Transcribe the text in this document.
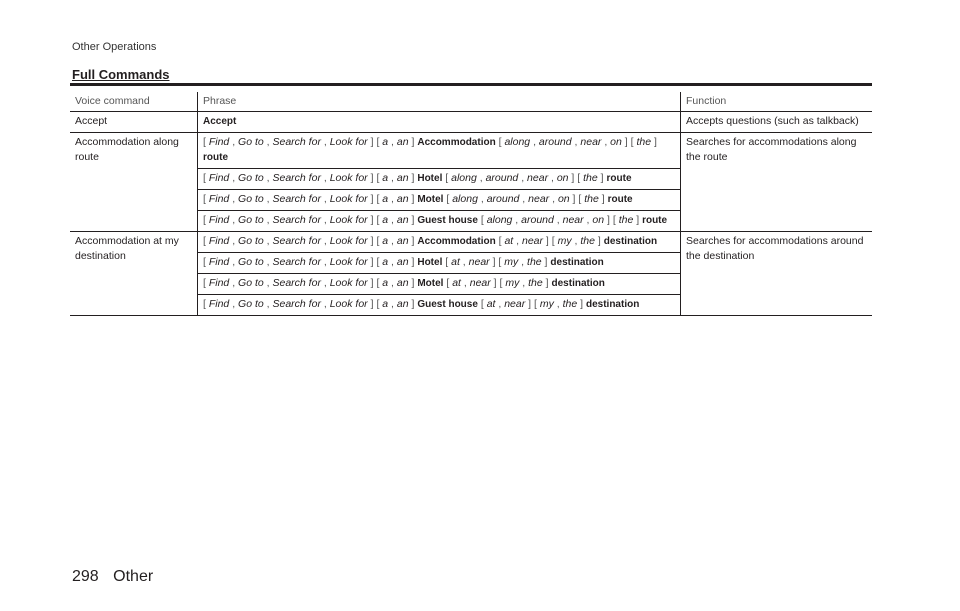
Other Operations
Full Commands
Voice command	Phrase	Function
Accept	Accept	Accepts questions (such as talkback)
Accommodation along route	[ Find , Go to , Search for , Look for ] [ a , an ] Accommodation [ along , around , near , on ] [ the ] route	Searches for accommodations along the route
	[ Find , Go to , Search for , Look for ] [ a , an ] Hotel [ along , around , near , on ] [ the ] route	
	[ Find , Go to , Search for , Look for ] [ a , an ] Motel [ along , around , near , on ] [ the ] route	
	[ Find , Go to , Search for , Look for ] [ a , an ] Guest house [ along , around , near , on ] [ the ] route	
Accommodation at my destination	[ Find , Go to , Search for , Look for ] [ a , an ] Accommodation [ at , near ] [ my , the ] destination	Searches for accommodations around the destination
	[ Find , Go to , Search for , Look for ] [ a , an ] Hotel [ at , near ] [ my , the ] destination	
	[ Find , Go to , Search for , Look for ] [ a , an ] Motel [ at , near ] [ my , the ] destination	
	[ Find , Go to , Search for , Look for ] [ a , an ] Guest house [ at , near ] [ my , the ] destination	
298 Other
